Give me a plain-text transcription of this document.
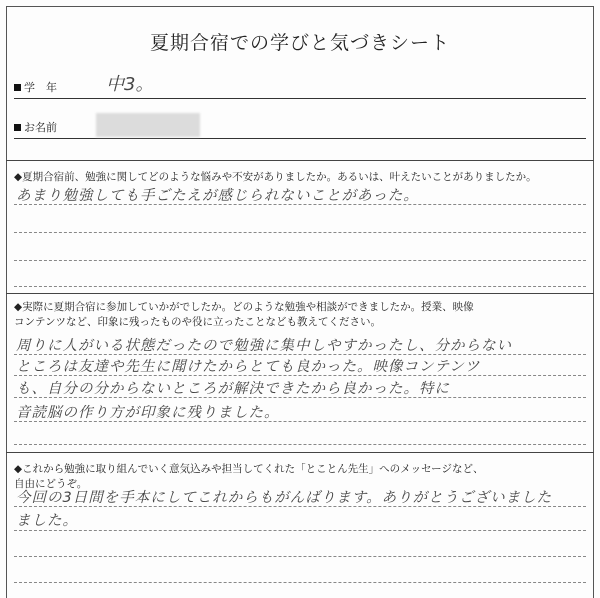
夏期合宿での学びと気づきシート
学　年	中3。
お名前
◆夏期合宿前、勉強に関してどのような悩みや不安がありましたか。あるいは、叶えたいことがありましたか。
あまり勉強しても手ごたえが感じられないことがあった。
◆実際に夏期合宿に参加していかがでしたか。どのような勉強や相談ができましたか。授業、映像
コンテンツなど、印象に残ったものや役に立ったことなども教えてください。
周りに人がいる状態だったので勉強に集中しやすかったし、分からない
ところは友達や先生に聞けたからとても良かった。映像コンテンツ
も、自分の分からないところが解決できたから良かった。特に
音読脳の作り方が印象に残りました。
◆これから勉強に取り組んでいく意気込みや担当してくれた「とことん先生」へのメッセージなど、
自由にどうぞ。
今回の3日間を手本にしてこれからもがんばります。ありがとうございました
ました。
